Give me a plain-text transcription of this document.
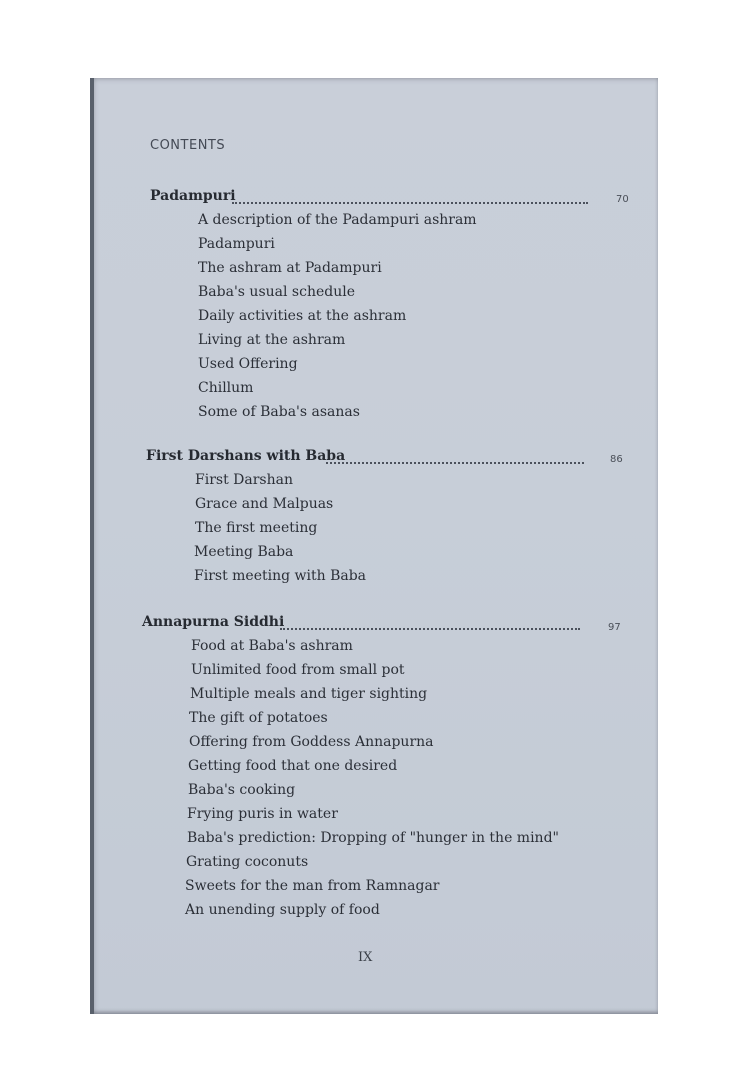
CONTENTS
Padampuri	70
A description of the Padampuri ashram
Padampuri
The ashram at Padampuri
Baba's usual schedule
Daily activities at the ashram
Living at the ashram
Used Offering
Chillum
Some of Baba's asanas
First Darshans with Baba	86
First Darshan
Grace and Malpuas
The first meeting
Meeting Baba
First meeting with Baba
Annapurna Siddhi	97
Food at Baba's ashram
Unlimited food from small pot
Multiple meals and tiger sighting
The gift of potatoes
Offering from Goddess Annapurna
Getting food that one desired
Baba's cooking
Frying puris in water
Baba's prediction: Dropping of "hunger in the mind"
Grating coconuts
Sweets for the man from Ramnagar
An unending supply of food
IX
